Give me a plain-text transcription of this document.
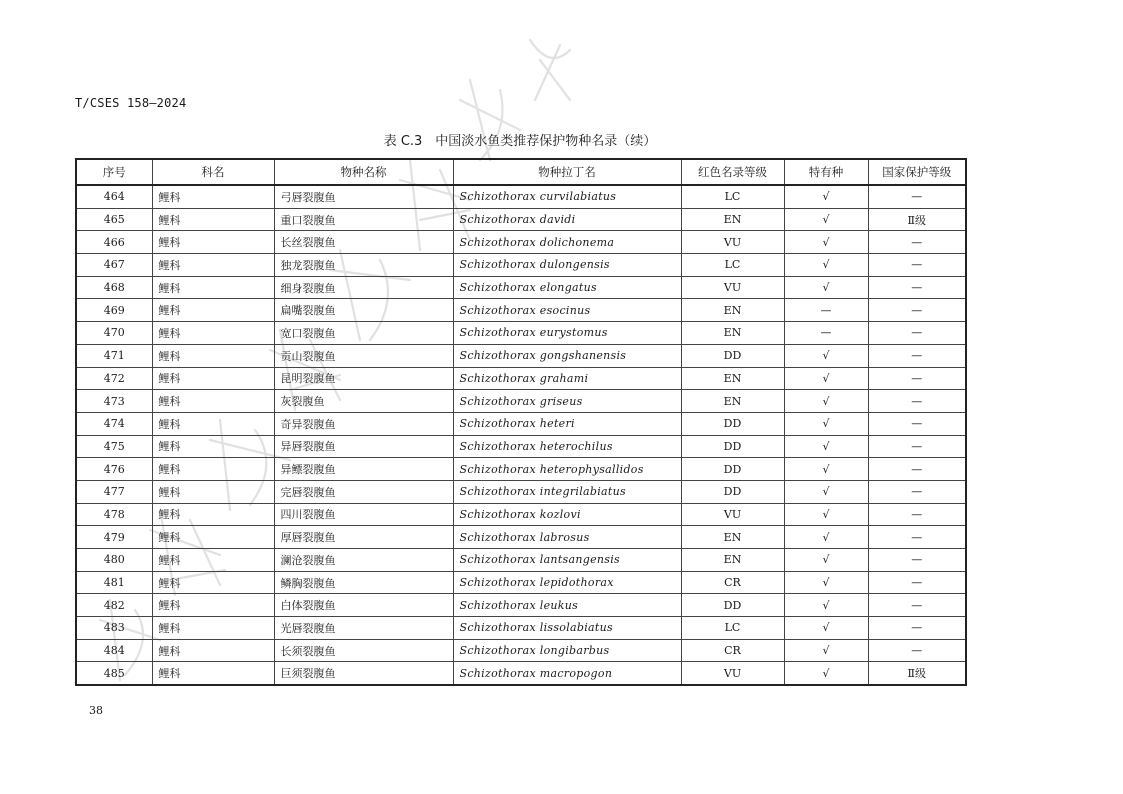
T/CSES 158—2024
表 C.3　中国淡水鱼类推荐保护物种名录（续）
序号	科名	物种名称	物种拉丁名	红色名录等级	特有种	国家保护等级
464	鲤科	弓唇裂腹鱼	Schizothorax curvilabiatus	LC	√	—
465	鲤科	重口裂腹鱼	Schizothorax davidi	EN	√	Ⅱ级
466	鲤科	长丝裂腹鱼	Schizothorax dolichonema	VU	√	—
467	鲤科	独龙裂腹鱼	Schizothorax dulongensis	LC	√	—
468	鲤科	细身裂腹鱼	Schizothorax elongatus	VU	√	—
469	鲤科	扁嘴裂腹鱼	Schizothorax esocinus	EN	—	—
470	鲤科	宽口裂腹鱼	Schizothorax eurystomus	EN	—	—
471	鲤科	贡山裂腹鱼	Schizothorax gongshanensis	DD	√	—
472	鲤科	昆明裂腹鱼	Schizothorax grahami	EN	√	—
473	鲤科	灰裂腹鱼	Schizothorax griseus	EN	√	—
474	鲤科	奇异裂腹鱼	Schizothorax heteri	DD	√	—
475	鲤科	异唇裂腹鱼	Schizothorax heterochilus	DD	√	—
476	鲤科	异鳔裂腹鱼	Schizothorax heterophysallidos	DD	√	—
477	鲤科	完唇裂腹鱼	Schizothorax integrilabiatus	DD	√	—
478	鲤科	四川裂腹鱼	Schizothorax kozlovi	VU	√	—
479	鲤科	厚唇裂腹鱼	Schizothorax labrosus	EN	√	—
480	鲤科	澜沧裂腹鱼	Schizothorax lantsangensis	EN	√	—
481	鲤科	鳞胸裂腹鱼	Schizothorax lepidothorax	CR	√	—
482	鲤科	白体裂腹鱼	Schizothorax leukus	DD	√	—
483	鲤科	光唇裂腹鱼	Schizothorax lissolabiatus	LC	√	—
484	鲤科	长须裂腹鱼	Schizothorax longibarbus	CR	√	—
485	鲤科	巨须裂腹鱼	Schizothorax macropogon	VU	√	Ⅱ级
38
